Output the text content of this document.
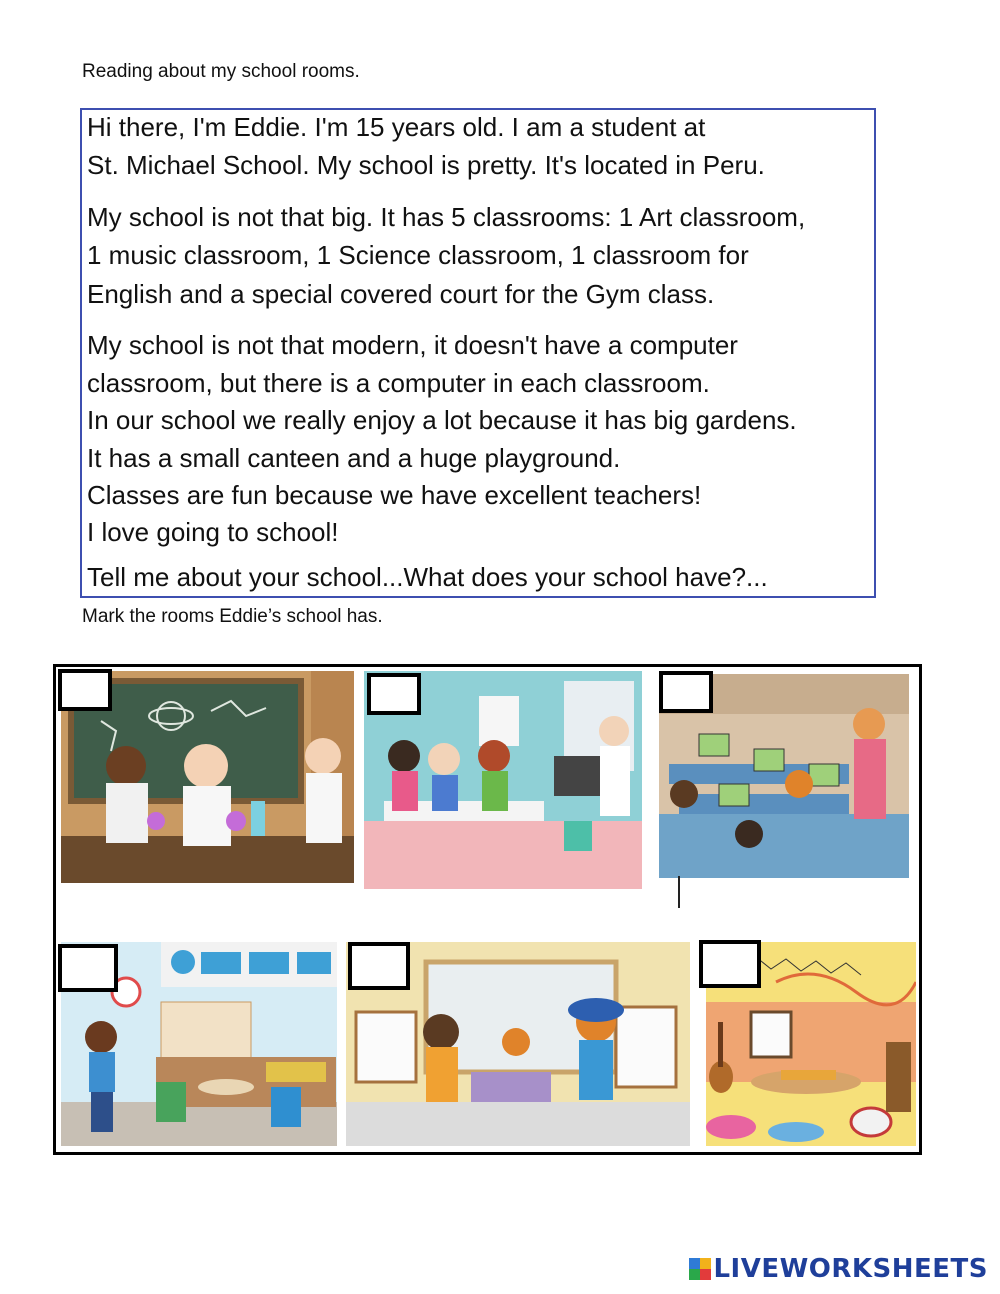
Reading about my school rooms.
Hi there, I'm Eddie. I'm 15 years old. I am a student at
St. Michael School. My school is pretty. It's located in Peru.
My school is not that big. It has 5 classrooms: 1 Art classroom,
1 music classroom, 1 Science classroom, 1 classroom for
English and a special covered court for the Gym class.
My school is not that modern, it doesn't have a computer
classroom, but there is a computer in each classroom.
In our school we really enjoy a lot because it has big gardens.
It has a small canteen and a huge playground.
Classes are fun because we have excellent teachers!
I love going to school!
Tell me about your school...What does your school have?...
Mark the rooms Eddie’s school has.
LIVEWORKSHEETS
